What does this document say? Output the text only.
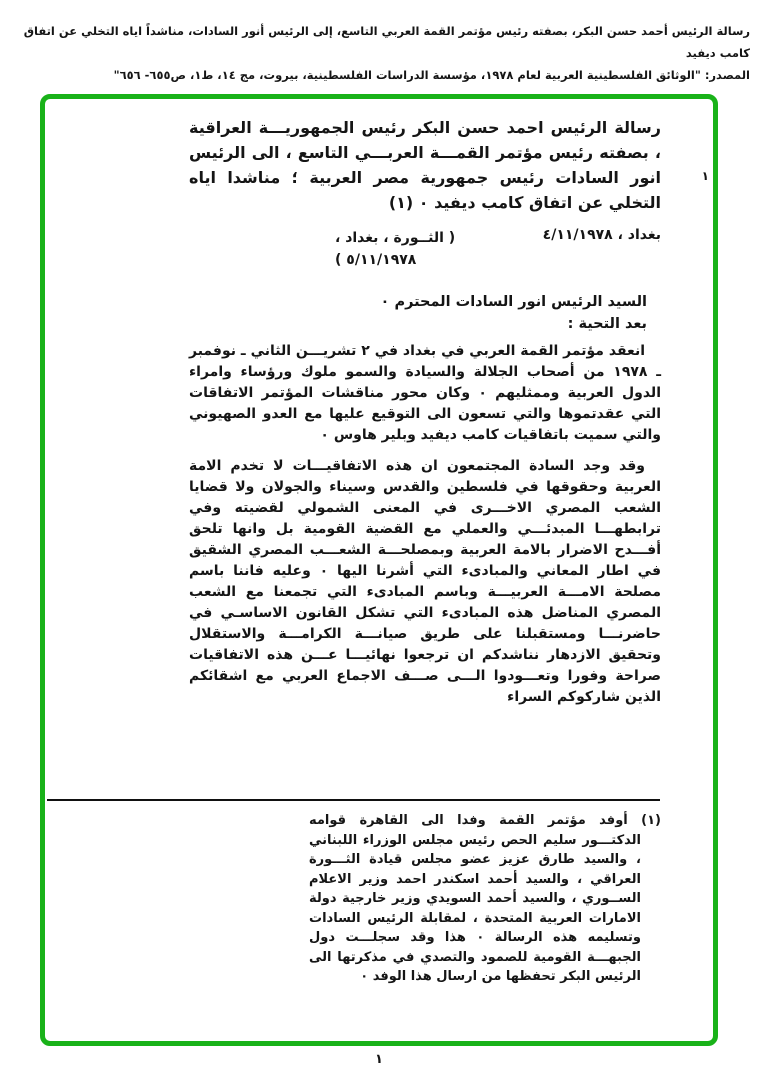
رسالة الرئيس أحمد حسن البكر، بصفته رئيس مؤتمر القمة العربي التاسع، إلى الرئيس أنور السادات، مناشداً اياه التخلي عن اتفاق كامب ديفيد
المصدر: "الوثائق الفلسطينية العربية لعام ١٩٧٨، مؤسسة الدراسات الفلسطينية، بيروت، مج ١٤، ط١، ص٦٥٥- ٦٥٦"
١

رسالة الرئيس احمد حسن البكر رئيس الجمهوريـــة العراقية ، بصفته رئيس مؤتمر القمـــة العربـــي التاسع ، الى الرئيس انور السادات رئيس جمهورية مصر العربية ؛ مناشدا اياه التخلي عن اتفاق كامب ديفيد ٠ (١)

بغداد ، ٤/١١/١٩٧٨
( الثــورة ، بغداد ،
٥/١١/١٩٧٨ )

السيد الرئيس انور السادات المحترم ٠

بعد التحية :

انعقد مؤتمر القمة العربي في بغداد في ٢ تشريـــن الثاني ـ نوفمبر ـ ١٩٧٨ من أصحاب الجلالة والسيادة والسمو ملوك ورؤساء وامراء الدول العربية وممثليهم ٠ وكان محور مناقشات المؤتمر الاتفاقات التي عقدتموها والتي تسعون الى التوقيع عليها مع العدو الصهيوني والتي سميت باتفاقيات كامب ديفيد وبلير هاوس ٠

وقد وجد السادة المجتمعون ان هذه الاتفاقيـــات لا تخدم الامة العربية وحقوقها في فلسطين والقدس وسيناء والجولان ولا قضايا الشعب المصري الاخـــرى في المعنى الشمولي لقضيته وفي ترابطهـــا المبدئـــي والعملي مع القضية القومية بل وانها تلحق أفـــدح الاضرار بالامة العربية وبمصلحـــة الشعـــب المصري الشقيق في اطار المعاني والمبادىء التي أشرنا اليها ٠ وعليه فاننا باسم مصلحة الامـــة العربيـــة وباسم المبادىء التي تجمعنا مع الشعب المصري المناضل هذه المبادىء التي تشكل القانون الاساسـي في حاضرنـــا ومستقبلنا على طريق صيانـــة الكرامـــة والاستقلال وتحقيق الازدهار نناشدكم ان ترجعوا نهائيـــا عـــن هذه الاتفاقيات صراحة وفورا وتعـــودوا الـــى صـــف الاجماع العربي مع اشقائكم الذين شاركوكم السراء

(١) أوفد مؤتمر القمة وفدا الى القاهرة قوامه الدكتـــور سليم الحص رئيس مجلس الوزراء اللبناني ، والسيد طارق عزيز عضو مجلس قيادة الثـــورة العراقي ، والسيد أحمد اسكندر احمد وزير الاعلام الســوري ، والسيد أحمد السويدي وزير خارجية دولة الامارات العربية المتحدة ، لمقابلة الرئيس السادات وتسليمه هذه الرسالة ٠ هذا وقد سجلـــت دول الجبهـــة القومية للصمود والتصدي في مذكرتها الى الرئيس البكر تحفظها من ارسال هذا الوفد ٠
١
